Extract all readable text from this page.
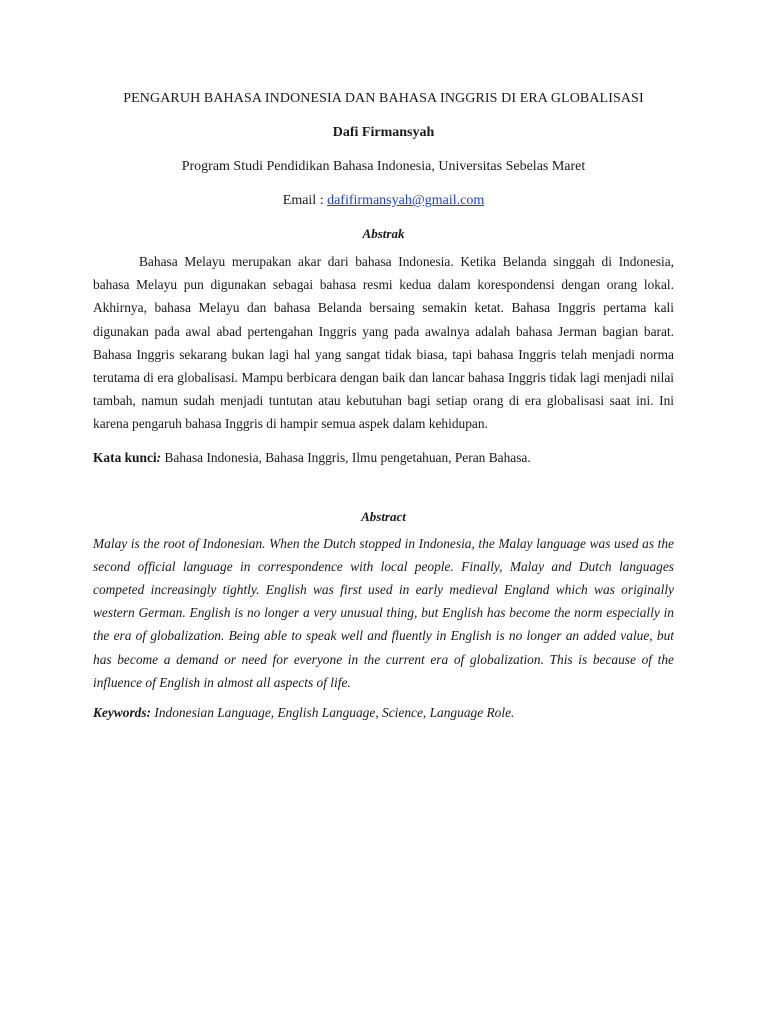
PENGARUH BAHASA INDONESIA DAN BAHASA INGGRIS DI ERA GLOBALISASI
Dafi Firmansyah
Program Studi Pendidikan Bahasa Indonesia, Universitas Sebelas Maret
Email : dafifirmansyah@gmail.com
Abstrak
Bahasa Melayu merupakan akar dari bahasa Indonesia. Ketika Belanda singgah di Indonesia, bahasa Melayu pun digunakan sebagai bahasa resmi kedua dalam korespondensi dengan orang lokal. Akhirnya, bahasa Melayu dan bahasa Belanda bersaing semakin ketat. Bahasa Inggris pertama kali digunakan pada awal abad pertengahan Inggris yang pada awalnya adalah bahasa Jerman bagian barat. Bahasa Inggris sekarang bukan lagi hal yang sangat tidak biasa, tapi bahasa Inggris telah menjadi norma terutama di era globalisasi. Mampu berbicara dengan baik dan lancar bahasa Inggris tidak lagi menjadi nilai tambah, namun sudah menjadi tuntutan atau kebutuhan bagi setiap orang di era globalisasi saat ini. Ini karena pengaruh bahasa Inggris di hampir semua aspek dalam kehidupan.
Kata kunci: Bahasa Indonesia, Bahasa Inggris, Ilmu pengetahuan, Peran Bahasa.
Abstract
Malay is the root of Indonesian. When the Dutch stopped in Indonesia, the Malay language was used as the second official language in correspondence with local people. Finally, Malay and Dutch languages competed increasingly tightly. English was first used in early medieval England which was originally western German. English is no longer a very unusual thing, but English has become the norm especially in the era of globalization. Being able to speak well and fluently in English is no longer an added value, but has become a demand or need for everyone in the current era of globalization. This is because of the influence of English in almost all aspects of life.
Keywords: Indonesian Language, English Language, Science, Language Role.
